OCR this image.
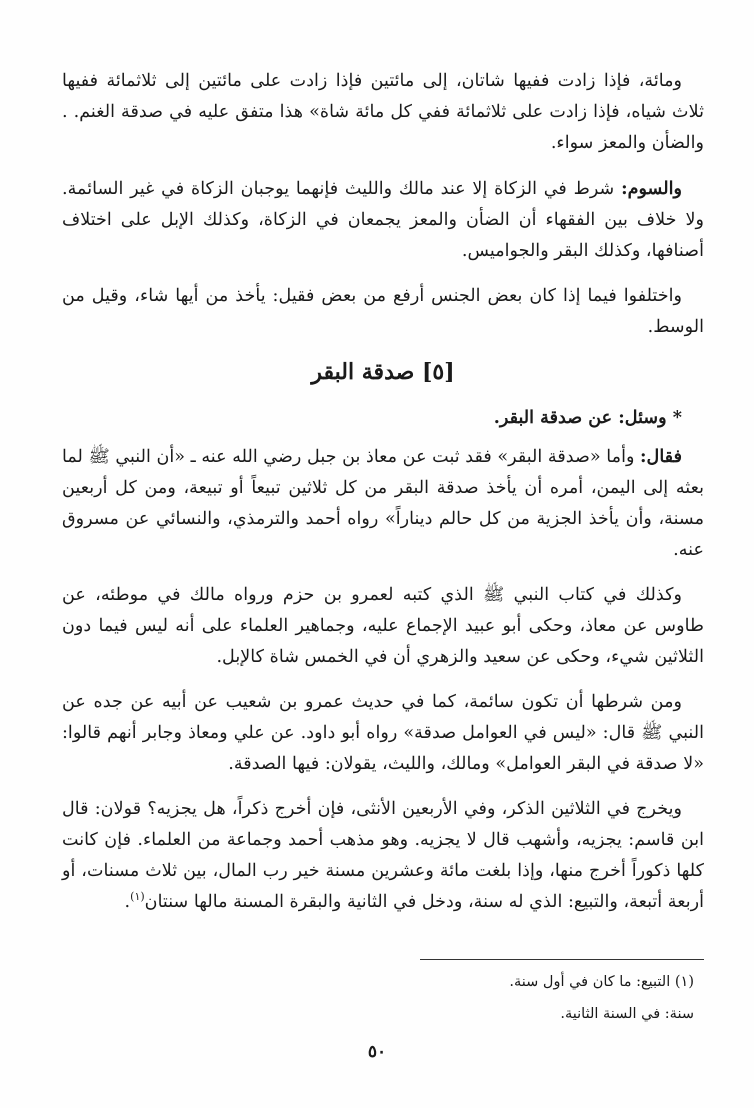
ومائة، فإذا زادت ففيها شاتان، إلى مائتين فإذا زادت على مائتين إلى ثلاثمائة ففيها ثلاث شياه، فإذا زادت على ثلاثمائة ففي كل مائة شاة» هذا متفق عليه في صدقة الغنم. . والضأن والمعز سواء.

والسوم: شرط في الزكاة إلا عند مالك والليث فإنهما يوجبان الزكاة في غير السائمة. ولا خلاف بين الفقهاء أن الضأن والمعز يجمعان في الزكاة، وكذلك الإبل على اختلاف أصنافها، وكذلك البقر والجواميس.

واختلفوا فيما إذا كان بعض الجنس أرفع من بعض فقيل: يأخذ من أيها شاء، وقيل من الوسط.

[٥] صدقة البقر

* وسئل: عن صدقة البقر.

فقال: وأما «صدقة البقر» فقد ثبت عن معاذ بن جبل رضي الله عنه ـ «أن النبي ﷺ لما بعثه إلى اليمن، أمره أن يأخذ صدقة البقر من كل ثلاثين تبيعاً أو تبيعة، ومن كل أربعين مسنة، وأن يأخذ الجزية من كل حالم ديناراً» رواه أحمد والترمذي، والنسائي عن مسروق عنه.

وكذلك في كتاب النبي ﷺ الذي كتبه لعمرو بن حزم ورواه مالك في موطئه، عن طاوس عن معاذ، وحكى أبو عبيد الإجماع عليه، وجماهير العلماء على أنه ليس فيما دون الثلاثين شيء، وحكى عن سعيد والزهري أن في الخمس شاة كالإبل.

ومن شرطها أن تكون سائمة، كما في حديث عمرو بن شعيب عن أبيه عن جده عن النبي ﷺ قال: «ليس في العوامل صدقة» رواه أبو داود. عن علي ومعاذ وجابر أنهم قالوا: «لا صدقة في البقر العوامل» ومالك، والليث، يقولان: فيها الصدقة.

ويخرج في الثلاثين الذكر، وفي الأربعين الأنثى، فإن أخرج ذكراً، هل يجزيه؟ قولان: قال ابن قاسم: يجزيه، وأشهب قال لا يجزيه. وهو مذهب أحمد وجماعة من العلماء. فإن كانت كلها ذكوراً أخرج منها، وإذا بلغت مائة وعشرين مسنة خير رب المال، بين ثلاث مسنات، أو أربعة أتبعة، والتبيع: الذي له سنة، ودخل في الثانية والبقرة المسنة مالها سنتان$^{(١)}$.

(١) التبيع: ما كان في أول سنة.
سنة: في السنة الثانية.
٥٠
